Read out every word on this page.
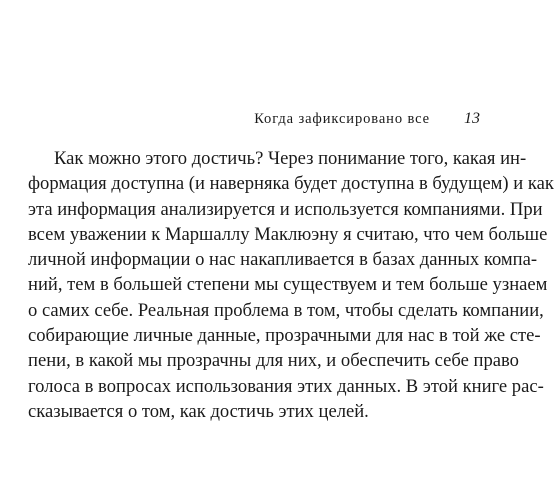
Когда зафиксировано все 13
Как можно этого достичь? Через понимание того, какая ин-
формация доступна (и наверняка будет доступна в будущем) и как
эта информация анализируется и используется компаниями. При
всем уважении к Маршаллу Маклюэну я считаю, что чем больше
личной информации о нас накапливается в базах данных компа-
ний, тем в большей степени мы существуем и тем больше узнаем
о самих себе. Реальная проблема в том, чтобы сделать компании,
собирающие личные данные, прозрачными для нас в той же сте-
пени, в какой мы прозрачны для них, и обеспечить себе право
голоса в вопросах использования этих данных. В этой книге рас-
сказывается о том, как достичь этих целей.
